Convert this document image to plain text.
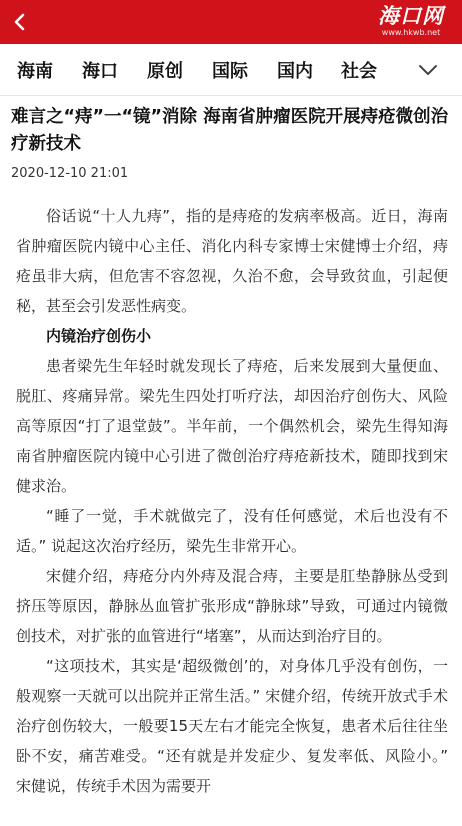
海口网
www.hkwb.net
海南 海口 原创 国际 国内 社会
难言之“痔”一“镜”消除 海南省肿瘤医院开展痔疮微创治疗新技术
2020-12-10 21:01

俗话说“十人九痔”，指的是痔疮的发病率极高。近日，海南省肿瘤医院内镜中心主任、消化内科专家博士宋健博士介绍，痔疮虽非大病，但危害不容忽视，久治不愈，会导致贫血，引起便秘，甚至会引发恶性病变。

内镜治疗创伤小

患者梁先生年轻时就发现长了痔疮，后来发展到大量便血、脱肛、疼痛异常。梁先生四处打听疗法，却因治疗创伤大、风险高等原因“打了退堂鼓”。半年前，一个偶然机会，梁先生得知海南省肿瘤医院内镜中心引进了微创治疗痔疮新技术，随即找到宋健求治。

“睡了一觉，手术就做完了，没有任何感觉，术后也没有不适。” 说起这次治疗经历，梁先生非常开心。

宋健介绍，痔疮分内外痔及混合痔，主要是肛垫静脉丛受到挤压等原因，静脉丛血管扩张形成“静脉球”导致，可通过内镜微创技术，对扩张的血管进行“堵塞”，从而达到治疗目的。

“这项技术，其实是‘超级微创’的，对身体几乎没有创伤，一般观察一天就可以出院并正常生活。” 宋健介绍，传统开放式手术治疗创伤较大，一般要15天左右才能完全恢复，患者术后往往坐卧不安，痛苦难受。“还有就是并发症少、复发率低、风险小。” 宋健说，传统手术因为需要开
